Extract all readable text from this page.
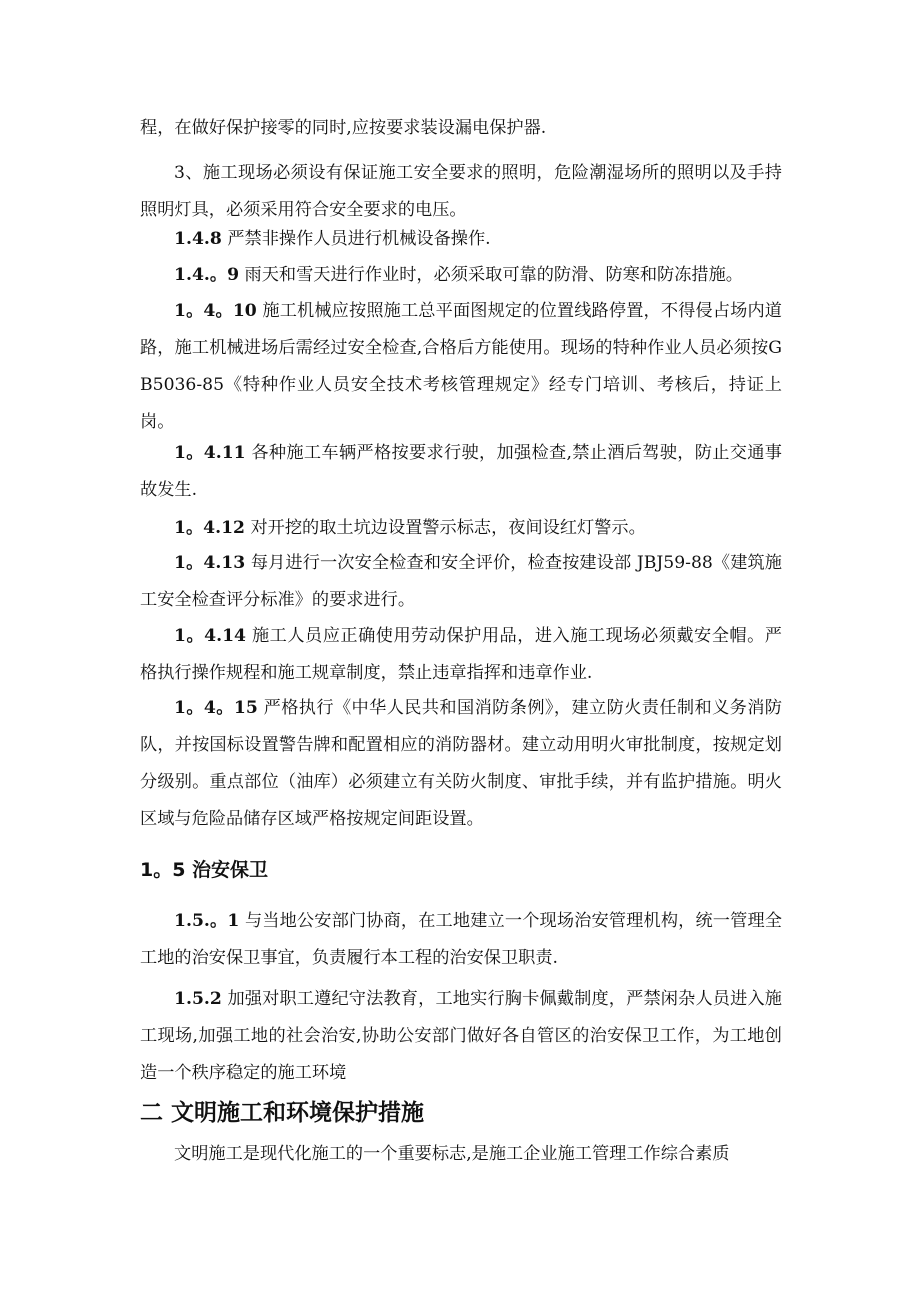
程，在做好保护接零的同时,应按要求装设漏电保护器.

3、施工现场必须设有保证施工安全要求的照明，危险潮湿场所的照明以及手持照明灯具，必须采用符合安全要求的电压。

1.4.8 严禁非操作人员进行机械设备操作.

1.4.。9 雨天和雪天进行作业时，必须采取可靠的防滑、防寒和防冻措施。

1。4。10 施工机械应按照施工总平面图规定的位置线路停置，不得侵占场内道路，施工机械进场后需经过安全检查,合格后方能使用。现场的特种作业人员必须按GB5036-85《特种作业人员安全技术考核管理规定》经专门培训、考核后，持证上岗。

1。4.11 各种施工车辆严格按要求行驶，加强检查,禁止酒后驾驶，防止交通事故发生.

1。4.12 对开挖的取土坑边设置警示标志，夜间设红灯警示。

1。4.13 每月进行一次安全检查和安全评价，检查按建设部 JBJ59-88《建筑施工安全检查评分标准》的要求进行。

1。4.14 施工人员应正确使用劳动保护用品，进入施工现场必须戴安全帽。严格执行操作规程和施工规章制度，禁止违章指挥和违章作业.

1。4。15 严格执行《中华人民共和国消防条例》，建立防火责任制和义务消防队，并按国标设置警告牌和配置相应的消防器材。建立动用明火审批制度，按规定划分级别。重点部位（油库）必须建立有关防火制度、审批手续，并有监护措施。明火区域与危险品储存区域严格按规定间距设置。

1。5 治安保卫

1.5.。1 与当地公安部门协商，在工地建立一个现场治安管理机构，统一管理全工地的治安保卫事宜，负责履行本工程的治安保卫职责.

1.5.2 加强对职工遵纪守法教育，工地实行胸卡佩戴制度，严禁闲杂人员进入施工现场,加强工地的社会治安,协助公安部门做好各自管区的治安保卫工作，为工地创造一个秩序稳定的施工环境

二 文明施工和环境保护措施

文明施工是现代化施工的一个重要标志,是施工企业施工管理工作综合素质
